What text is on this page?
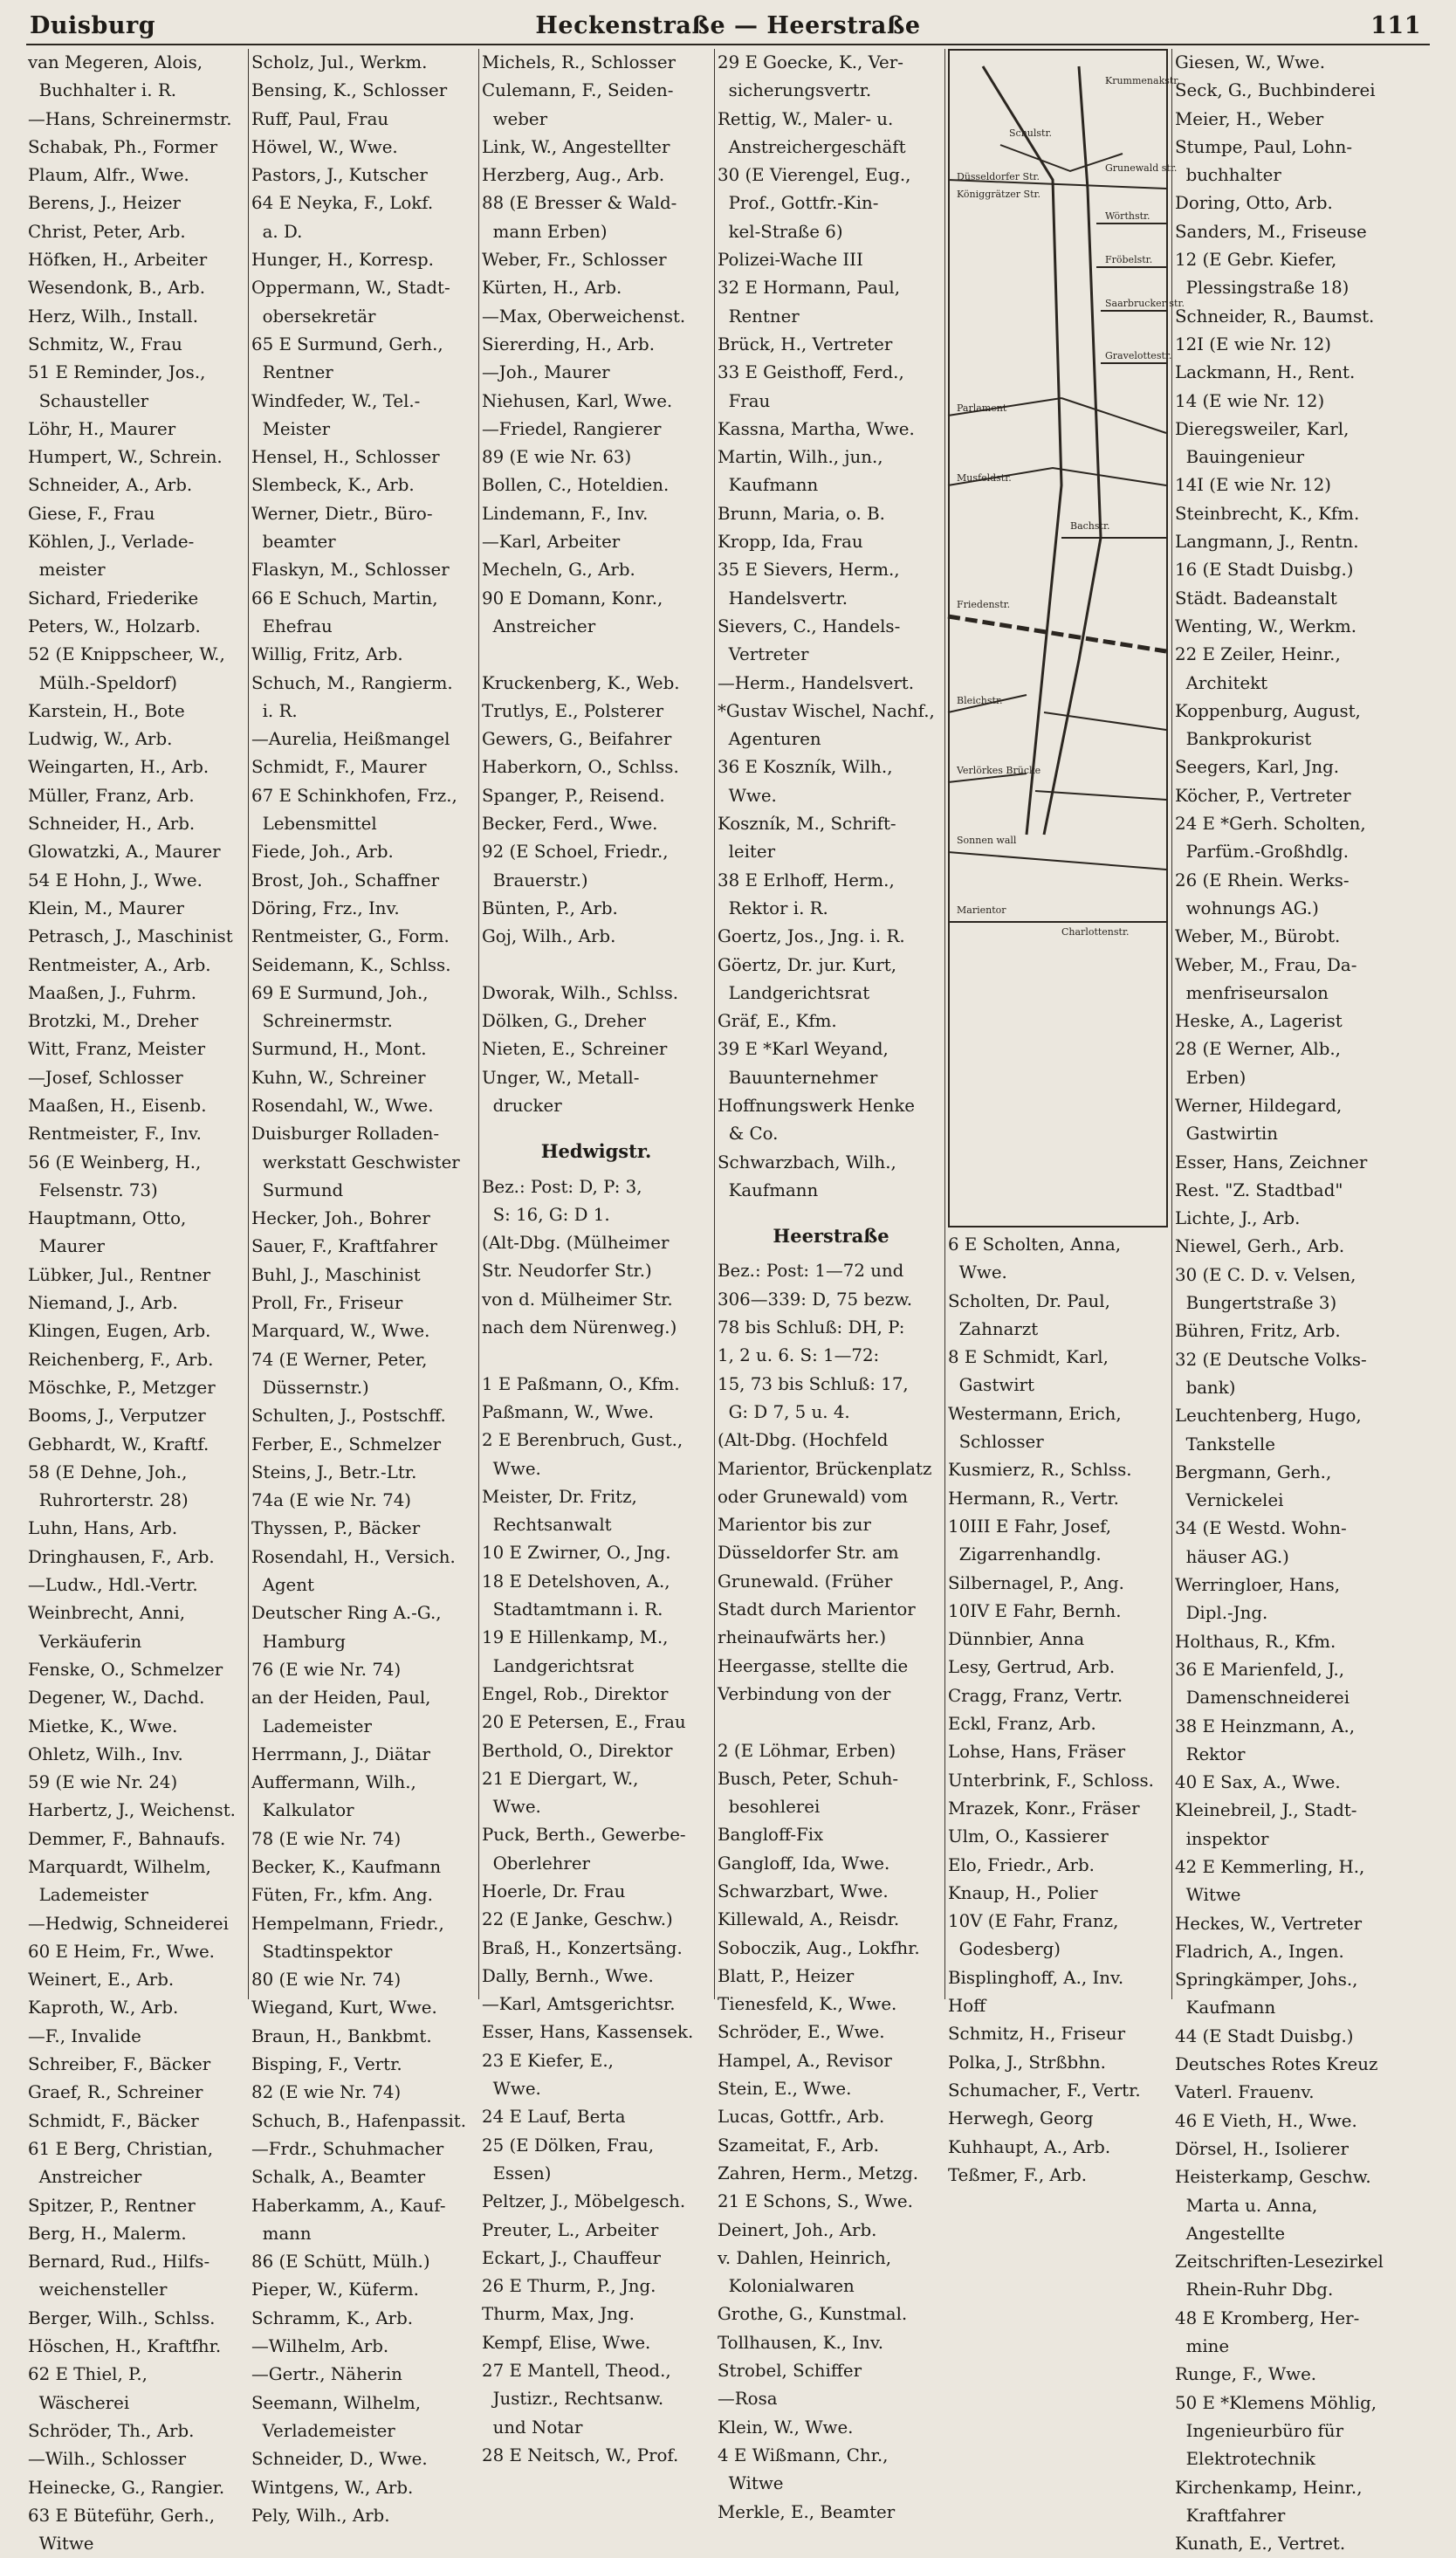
Duisburg	Heckenstraße — Heerstraße	111
van Megeren, Alois,
Buchhalter i. R.
—Hans, Schreinermstr.
Schabak, Ph., Former
Plaum, Alfr., Wwe.
Berens, J., Heizer
Christ, Peter, Arb.
Höfken, H., Arbeiter
Wesendonk, B., Arb.
Herz, Wilh., Install.
Schmitz, W., Frau
51 E Reminder, Jos.,
Schausteller
Löhr, H., Maurer
Humpert, W., Schrein.
Schneider, A., Arb.
Giese, F., Frau
Köhlen, J., Verlade-
meister
Sichard, Friederike
Peters, W., Holzarb.
52 (E Knippscheer, W.,
Mülh.-Speldorf)
Karstein, H., Bote
Ludwig, W., Arb.
Weingarten, H., Arb.
Müller, Franz, Arb.
Schneider, H., Arb.
Glowatzki, A., Maurer
54 E Hohn, J., Wwe.
Klein, M., Maurer
Petrasch, J., Maschinist
Rentmeister, A., Arb.
Maaßen, J., Fuhrm.
Brotzki, M., Dreher
Witt, Franz, Meister
—Josef, Schlosser
Maaßen, H., Eisenb.
Rentmeister, F., Inv.
56 (E Weinberg, H.,
Felsenstr. 73)
Hauptmann, Otto,
Maurer
Lübker, Jul., Rentner
Niemand, J., Arb.
Klingen, Eugen, Arb.
Reichenberg, F., Arb.
Möschke, P., Metzger
Booms, J., Verputzer
Gebhardt, W., Kraftf.
58 (E Dehne, Joh.,
Ruhrorterstr. 28)
Luhn, Hans, Arb.
Dringhausen, F., Arb.
—Ludw., Hdl.-Vertr.
Weinbrecht, Anni,
Verkäuferin
Fenske, O., Schmelzer
Degener, W., Dachd.
Mietke, K., Wwe.
Ohletz, Wilh., Inv.
59 (E wie Nr. 24)
Harbertz, J., Weichenst.
Demmer, F., Bahnaufs.
Marquardt, Wilhelm,
Lademeister
—Hedwig, Schneiderei
60 E Heim, Fr., Wwe.
Weinert, E., Arb.
Kaproth, W., Arb.
—F., Invalide
Schreiber, F., Bäcker
Graef, R., Schreiner
Schmidt, F., Bäcker
61 E Berg, Christian,
Anstreicher
Spitzer, P., Rentner
Berg, H., Malerm.
Bernard, Rud., Hilfs-
weichensteller
Berger, Wilh., Schlss.
Höschen, H., Kraftfhr.
62 E Thiel, P.,
Wäscherei
Schröder, Th., Arb.
—Wilh., Schlosser
Heinecke, G., Rangier.
63 E Büteführ, Gerh.,
Witwe
Scholz, Jul., Werkm.
Bensing, K., Schlosser
Ruff, Paul, Frau
Höwel, W., Wwe.
Pastors, J., Kutscher
64 E Neyka, F., Lokf.
a. D.
Hunger, H., Korresp.
Oppermann, W., Stadt-
obersekretär
65 E Surmund, Gerh.,
Rentner
Windfeder, W., Tel.-
Meister
Hensel, H., Schlosser
Slembeck, K., Arb.
Werner, Dietr., Büro-
beamter
Flaskyn, M., Schlosser
66 E Schuch, Martin,
Ehefrau
Willig, Fritz, Arb.
Schuch, M., Rangierm.
i. R.
—Aurelia, Heißmangel
Schmidt, F., Maurer
67 E Schinkhofen, Frz.,
Lebensmittel
Fiede, Joh., Arb.
Brost, Joh., Schaffner
Döring, Frz., Inv.
Rentmeister, G., Form.
Seidemann, K., Schlss.
69 E Surmund, Joh.,
Schreinermstr.
Surmund, H., Mont.
Kuhn, W., Schreiner
Rosendahl, W., Wwe.
Duisburger Rolladen-
werkstatt Geschwister
Surmund
Hecker, Joh., Bohrer
Sauer, F., Kraftfahrer
Buhl, J., Maschinist
Proll, Fr., Friseur
Marquard, W., Wwe.
74 (E Werner, Peter,
Düssernstr.)
Schulten, J., Postschff.
Ferber, E., Schmelzer
Steins, J., Betr.-Ltr.
74a (E wie Nr. 74)
Thyssen, P., Bäcker
Rosendahl, H., Versich.
Agent
Deutscher Ring A.-G.,
Hamburg
76 (E wie Nr. 74)
an der Heiden, Paul,
Lademeister
Herrmann, J., Diätar
Auffermann, Wilh.,
Kalkulator
78 (E wie Nr. 74)
Becker, K., Kaufmann
Füten, Fr., kfm. Ang.
Hempelmann, Friedr.,
Stadtinspektor
80 (E wie Nr. 74)
Wiegand, Kurt, Wwe.
Braun, H., Bankbmt.
Bisping, F., Vertr.
82 (E wie Nr. 74)
Schuch, B., Hafenpassit.
—Frdr., Schuhmacher
Schalk, A., Beamter
Haberkamm, A., Kauf-
mann
86 (E Schütt, Mülh.)
Pieper, W., Küferm.
Schramm, K., Arb.
—Wilhelm, Arb.
—Gertr., Näherin
Seemann, Wilhelm,
Verlademeister
Schneider, D., Wwe.
Wintgens, W., Arb.
Pely, Wilh., Arb.
Michels, R., Schlosser
Culemann, F., Seiden-
weber
Link, W., Angestellter
Herzberg, Aug., Arb.
88 (E Bresser & Wald-
mann Erben)
Weber, Fr., Schlosser
Kürten, H., Arb.
—Max, Oberweichenst.
Siererding, H., Arb.
—Joh., Maurer
Niehusen, Karl, Wwe.
—Friedel, Rangierer
89 (E wie Nr. 63)
Bollen, C., Hoteldien.
Lindemann, F., Inv.
—Karl, Arbeiter
Mecheln, G., Arb.
90 E Domann, Konr.,
Anstreicher
Kruckenberg, K., Web.
Trutlys, E., Polsterer
Gewers, G., Beifahrer
Haberkorn, O., Schlss.
Spanger, P., Reisend.
Becker, Ferd., Wwe.
92 (E Schoel, Friedr.,
Brauerstr.)
Bünten, P., Arb.
Goj, Wilh., Arb.
Dworak, Wilh., Schlss.
Dölken, G., Dreher
Nieten, E., Schreiner
Unger, W., Metall-
drucker
Hedwigstr.
Bez.: Post: D, P: 3,
S: 16, G: D 1.
(Alt-Dbg. (Mülheimer
Str. Neudorfer Str.)
von d. Mülheimer Str.
nach dem Nürenweg.)
1 E Paßmann, O., Kfm.
Paßmann, W., Wwe.
2 E Berenbruch, Gust.,
Wwe.
Meister, Dr. Fritz,
Rechtsanwalt
10 E Zwirner, O., Jng.
18 E Detelshoven, A.,
Stadtamtmann i. R.
19 E Hillenkamp, M.,
Landgerichtsrat
Engel, Rob., Direktor
20 E Petersen, E., Frau
Berthold, O., Direktor
21 E Diergart, W.,
Wwe.
Puck, Berth., Gewerbe-
Oberlehrer
Hoerle, Dr. Frau
22 (E Janke, Geschw.)
Braß, H., Konzertsäng.
Dally, Bernh., Wwe.
—Karl, Amtsgerichtsr.
Esser, Hans, Kassensek.
23 E Kiefer, E.,
Wwe.
24 E Lauf, Berta
25 (E Dölken, Frau,
Essen)
Peltzer, J., Möbelgesch.
Preuter, L., Arbeiter
Eckart, J., Chauffeur
26 E Thurm, P., Jng.
Thurm, Max, Jng.
Kempf, Elise, Wwe.
27 E Mantell, Theod.,
Justizr., Rechtsanw.
und Notar
28 E Neitsch, W., Prof.
29 E Goecke, K., Ver-
sicherungsvertr.
Rettig, W., Maler- u.
Anstreichergeschäft
30 (E Vierengel, Eug.,
Prof., Gottfr.-Kin-
kel-Straße 6)
Polizei-Wache III
32 E Hormann, Paul,
Rentner
Brück, H., Vertreter
33 E Geisthoff, Ferd.,
Frau
Kassna, Martha, Wwe.
Martin, Wilh., jun.,
Kaufmann
Brunn, Maria, o. B.
Kropp, Ida, Frau
35 E Sievers, Herm.,
Handelsvertr.
Sievers, C., Handels-
Vertreter
—Herm., Handelsvert.
*Gustav Wischel, Nachf.,
Agenturen
36 E Koszník, Wilh.,
Wwe.
Koszník, M., Schrift-
leiter
38 E Erlhoff, Herm.,
Rektor i. R.
Goertz, Jos., Jng. i. R.
Göertz, Dr. jur. Kurt,
Landgerichtsrat
Gräf, E., Kfm.
39 E *Karl Weyand,
Bauunternehmer
Hoffnungswerk Henke
& Co.
Schwarzbach, Wilh.,
Kaufmann
Heerstraße
Bez.: Post: 1—72 und
306—339: D, 75 bezw.
78 bis Schluß: DH, P:
1, 2 u. 6. S: 1—72:
15, 73 bis Schluß: 17,
G: D 7, 5 u. 4.
(Alt-Dbg. (Hochfeld
Marientor, Brückenplatz
oder Grunewald) vom
Marientor bis zur
Düsseldorfer Str. am
Grunewald. (Früher
Stadt durch Marientor
rheinaufwärts her.)
Heergasse, stellte die
Verbindung von der
2 (E Löhmar, Erben)
Busch, Peter, Schuh-
besohlerei
Bangloff-Fix
Gangloff, Ida, Wwe.
Schwarzbart, Wwe.
Killewald, A., Reisdr.
Soboczik, Aug., Lokfhr.
Blatt, P., Heizer
Tienesfeld, K., Wwe.
Schröder, E., Wwe.
Hampel, A., Revisor
Stein, E., Wwe.
Lucas, Gottfr., Arb.
Szameitat, F., Arb.
Zahren, Herm., Metzg.
21 E Schons, S., Wwe.
Deinert, Joh., Arb.
v. Dahlen, Heinrich,
Kolonialwaren
Grothe, G., Kunstmal.
Tollhausen, K., Inv.
Strobel, Schiffer
—Rosa
Klein, W., Wwe.
4 E Wißmann, Chr.,
Witwe
Merkle, E., Beamter
Düsseldorfer Str.
Schulstr.
Krummenakstr.
Grunewald str.
Königgrätzer Str.
Wörthstr.
Fröbelstr.
Saarbrucker str.
Gravelottestr.
Parlament
Musfeldstr.
Bachstr.
Friedenstr.
Bleichstr.
Verlörkes Brücke
Sonnen wall
Marientor
Charlottenstr.
6 E Scholten, Anna,
Wwe.
Scholten, Dr. Paul,
Zahnarzt
8 E Schmidt, Karl,
Gastwirt
Westermann, Erich,
Schlosser
Kusmierz, R., Schlss.
Hermann, R., Vertr.
10III E Fahr, Josef,
Zigarrenhandlg.
Silbernagel, P., Ang.
10IV E Fahr, Bernh.
Dünnbier, Anna
Lesy, Gertrud, Arb.
Cragg, Franz, Vertr.
Eckl, Franz, Arb.
Lohse, Hans, Fräser
Unterbrink, F., Schloss.
Mrazek, Konr., Fräser
Ulm, O., Kassierer
Elo, Friedr., Arb.
Knaup, H., Polier
10V (E Fahr, Franz,
Godesberg)
Bisplinghoff, A., Inv.
Hoff
Schmitz, H., Friseur
Polka, J., Strßbhn.
Schumacher, F., Vertr.
Herwegh, Georg
Kuhhaupt, A., Arb.
Teßmer, F., Arb.
Giesen, W., Wwe.
Seck, G., Buchbinderei
Meier, H., Weber
Stumpe, Paul, Lohn-
buchhalter
Doring, Otto, Arb.
Sanders, M., Friseuse
12 (E Gebr. Kiefer,
Plessingstraße 18)
Schneider, R., Baumst.
12I (E wie Nr. 12)
Lackmann, H., Rent.
14 (E wie Nr. 12)
Dieregsweiler, Karl,
Bauingenieur
14I (E wie Nr. 12)
Steinbrecht, K., Kfm.
Langmann, J., Rentn.
16 (E Stadt Duisbg.)
Städt. Badeanstalt
Wenting, W., Werkm.
22 E Zeiler, Heinr.,
Architekt
Koppenburg, August,
Bankprokurist
Seegers, Karl, Jng.
Köcher, P., Vertreter
24 E *Gerh. Scholten,
Parfüm.-Großhdlg.
26 (E Rhein. Werks-
wohnungs AG.)
Weber, M., Bürobt.
Weber, M., Frau, Da-
menfriseursalon
Heske, A., Lagerist
28 (E Werner, Alb.,
Erben)
Werner, Hildegard,
Gastwirtin
Esser, Hans, Zeichner
Rest. "Z. Stadtbad"
Lichte, J., Arb.
Niewel, Gerh., Arb.
30 (E C. D. v. Velsen,
Bungertstraße 3)
Bühren, Fritz, Arb.
32 (E Deutsche Volks-
bank)
Leuchtenberg, Hugo,
Tankstelle
Bergmann, Gerh.,
Vernickelei
34 (E Westd. Wohn-
häuser AG.)
Werringloer, Hans,
Dipl.-Jng.
Holthaus, R., Kfm.
36 E Marienfeld, J.,
Damenschneiderei
38 E Heinzmann, A.,
Rektor
40 E Sax, A., Wwe.
Kleinebreil, J., Stadt-
inspektor
42 E Kemmerling, H.,
Witwe
Heckes, W., Vertreter
Fladrich, A., Ingen.
Springkämper, Johs.,
Kaufmann
44 (E Stadt Duisbg.)
Deutsches Rotes Kreuz
Vaterl. Frauenv.
46 E Vieth, H., Wwe.
Dörsel, H., Isolierer
Heisterkamp, Geschw.
Marta u. Anna,
Angestellte
Zeitschriften-Lesezirkel
Rhein-Ruhr Dbg.
48 E Kromberg, Her-
mine
Runge, F., Wwe.
50 E *Klemens Möhlig,
Ingenieurbüro für
Elektrotechnik
Kirchenkamp, Heinr.,
Kraftfahrer
Kunath, E., Vertret.
